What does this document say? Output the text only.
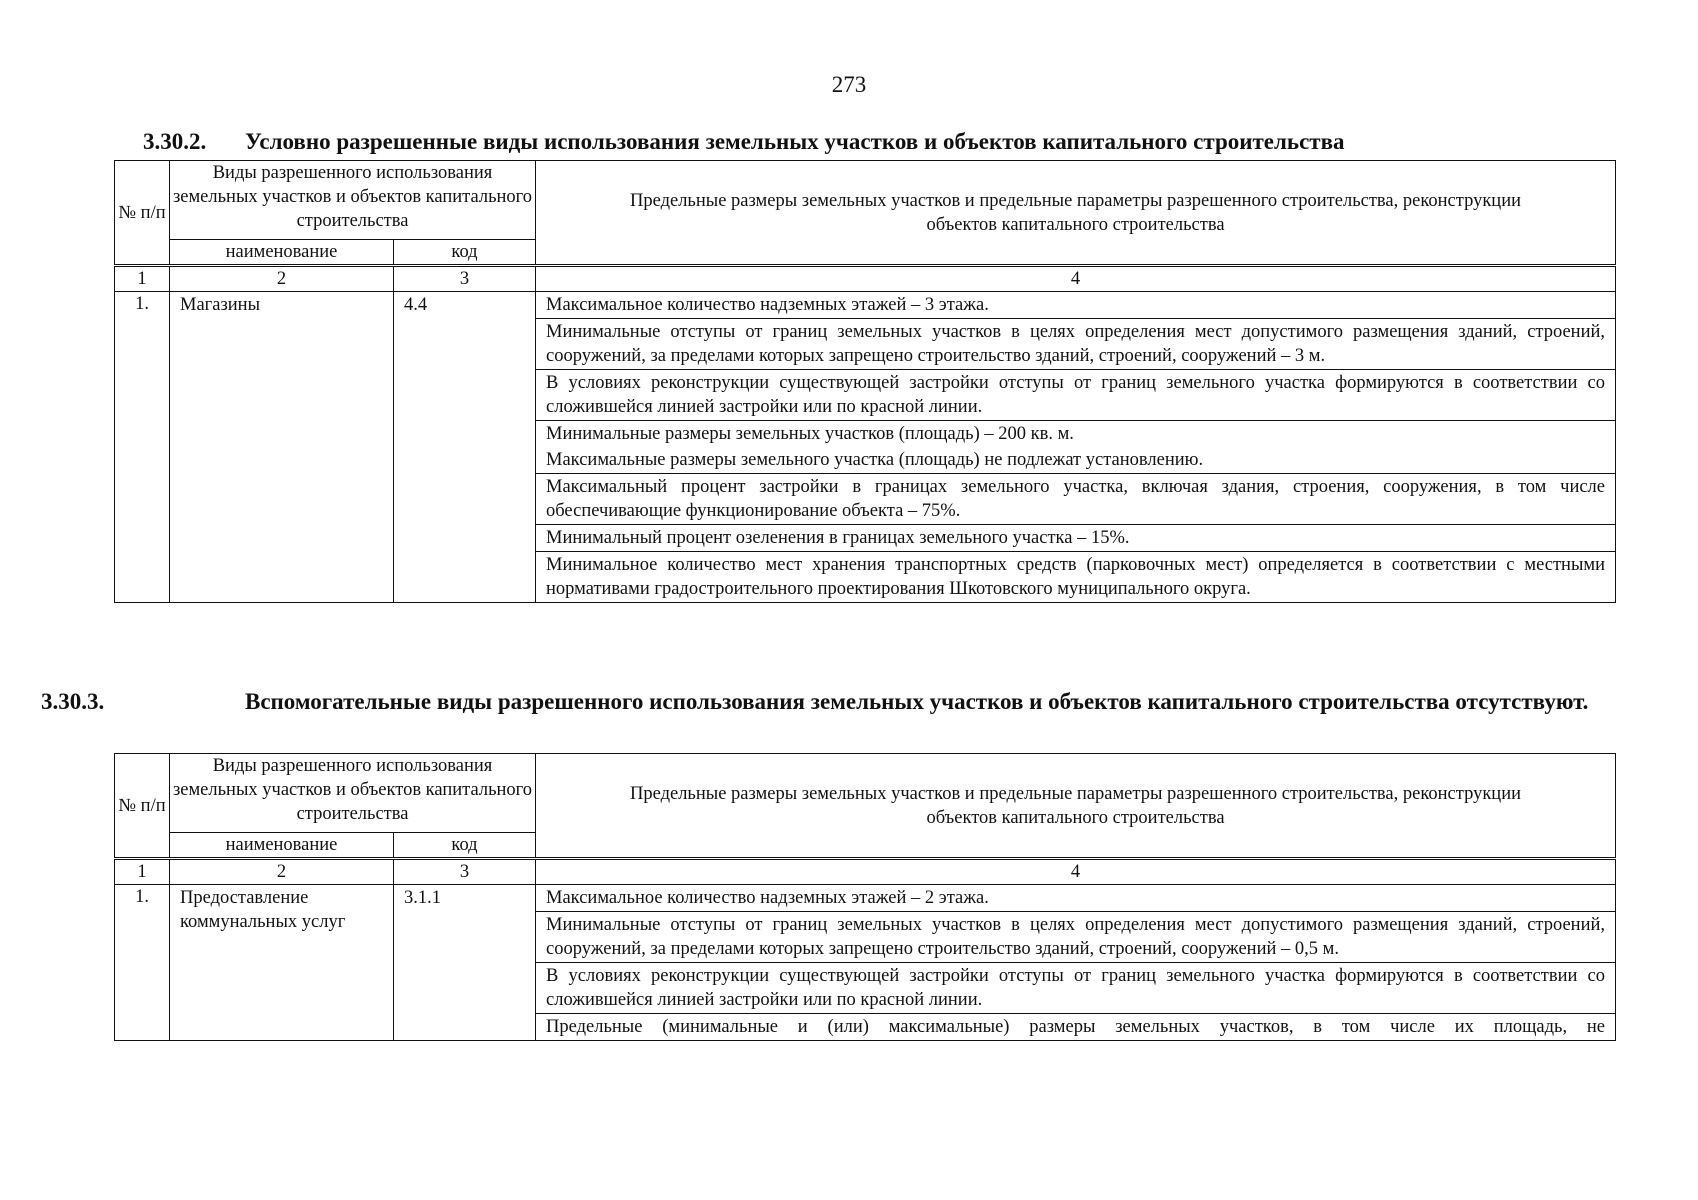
273
3.30.2. Условно разрешенные виды использования земельных участков и объектов капитального строительства
№ п/п	Виды разрешенного использования земельных участков и объектов капитального строительства		Предельные размеры земельных участков и предельные параметры разрешенного строительства, реконструкции объектов капитального строительства
	наименование	код	
1	2	3	4
1.	Магазины	4.4	Максимальное количество надземных этажей – 3 этажа.

			Минимальные отступы от границ земельных участков в целях определения мест допустимого размещения зданий, строений, сооружений, за пределами которых запрещено строительство зданий, строений, сооружений – 3 м.

			В условиях реконструкции существующей застройки отступы от границ земельного участка формируются в соответствии со сложившейся линией застройки или по красной линии.

			Минимальные размеры земельных участков (площадь) – 200 кв. м.
Максимальные размеры земельного участка (площадь) не подлежат установлению.

			Максимальный процент застройки в границах земельного участка, включая здания, строения, сооружения, в том числе обеспечивающие функционирование объекта – 75%.

			Минимальный процент озеленения в границах земельного участка – 15%.

			Минимальное количество мест хранения транспортных средств (парковочных мест) определяется в соответствии с местными нормативами градостроительного проектирования Шкотовского муниципального округа.
3.30.3.	Вспомогательные виды разрешенного использования земельных участков и объектов капитального строительства отсутствуют.
№ п/п	Виды разрешенного использования земельных участков и объектов капитального строительства		Предельные размеры земельных участков и предельные параметры разрешенного строительства, реконструкции объектов капитального строительства
	наименование	код	
1	2	3	4
1.	Предоставление коммунальных услуг	3.1.1	Максимальное количество надземных этажей – 2 этажа.

			Минимальные отступы от границ земельных участков в целях определения мест допустимого размещения зданий, строений, сооружений, за пределами которых запрещено строительство зданий, строений, сооружений – 0,5 м.

			В условиях реконструкции существующей застройки отступы от границ земельного участка формируются в соответствии со сложившейся линией застройки или по красной линии.

			Предельные (минимальные и (или) максимальные) размеры земельных участков, в том числе их площадь, не
